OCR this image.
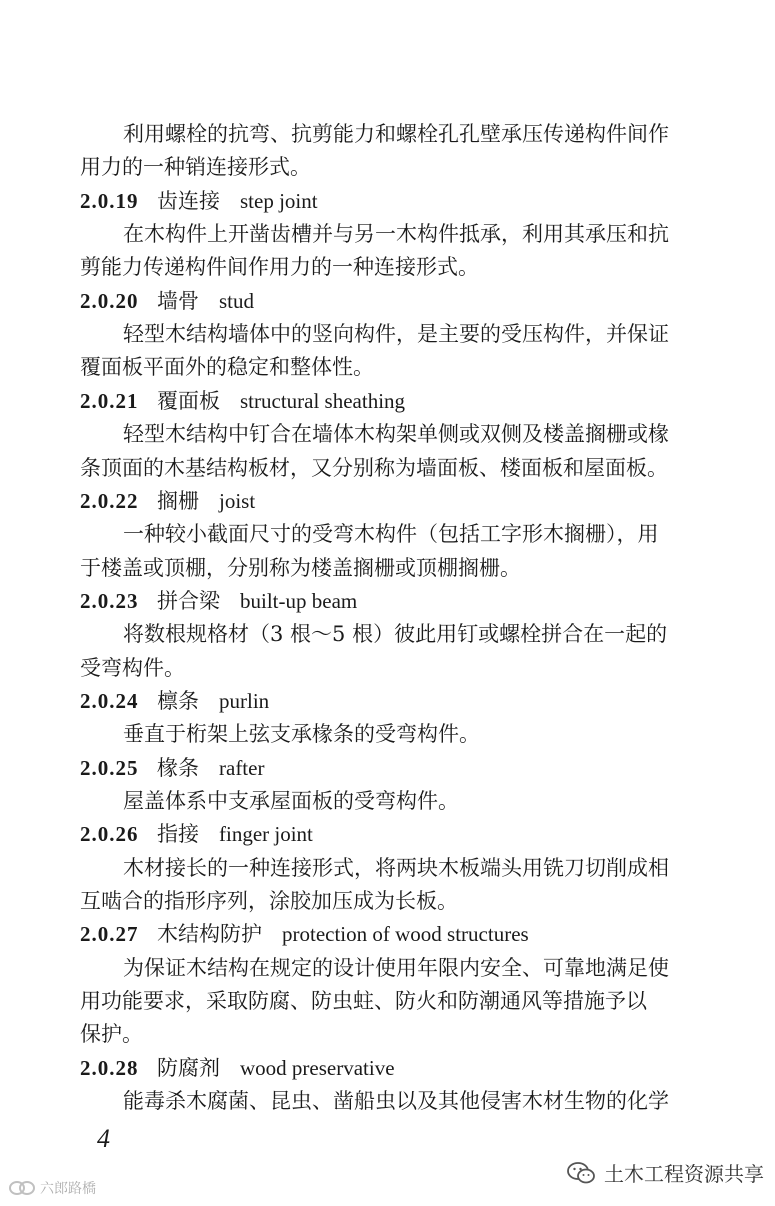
利用螺栓的抗弯、抗剪能力和螺栓孔孔壁承压传递构件间作
用力的一种销连接形式。
2.0.19 齿连接 step joint
在木构件上开凿齿槽并与另一木构件抵承，利用其承压和抗
剪能力传递构件间作用力的一种连接形式。
2.0.20 墙骨 stud
轻型木结构墙体中的竖向构件，是主要的受压构件，并保证
覆面板平面外的稳定和整体性。
2.0.21 覆面板 structural sheathing
轻型木结构中钉合在墙体木构架单侧或双侧及楼盖搁栅或椽
条顶面的木基结构板材，又分别称为墙面板、楼面板和屋面板。
2.0.22 搁栅 joist
一种较小截面尺寸的受弯木构件（包括工字形木搁栅），用
于楼盖或顶棚，分别称为楼盖搁栅或顶棚搁栅。
2.0.23 拼合梁 built-up beam
将数根规格材（3 根～5 根）彼此用钉或螺栓拼合在一起的
受弯构件。
2.0.24 檩条 purlin
垂直于桁架上弦支承椽条的受弯构件。
2.0.25 椽条 rafter
屋盖体系中支承屋面板的受弯构件。
2.0.26 指接 finger joint
木材接长的一种连接形式，将两块木板端头用铣刀切削成相
互啮合的指形序列，涂胶加压成为长板。
2.0.27 木结构防护 protection of wood structures
为保证木结构在规定的设计使用年限内安全、可靠地满足使
用功能要求，采取防腐、防虫蛀、防火和防潮通风等措施予以
保护。
2.0.28 防腐剂 wood preservative
能毒杀木腐菌、昆虫、凿船虫以及其他侵害木材生物的化学
4
六郎路橋
土木工程资源共享
